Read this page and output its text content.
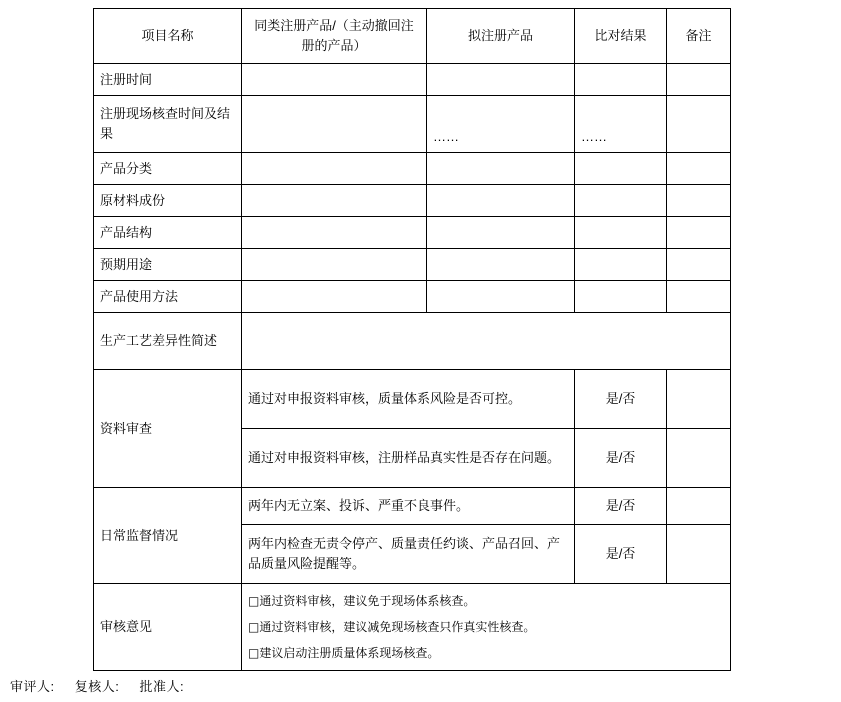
项目名称	同类注册产品/（主动撤回注册的产品）	拟注册产品	比对结果	备注
注册时间				
注册现场核查时间及结果		……	……	
产品分类				
原材料成份				
产品结构				
预期用途				
产品使用方法				
生产工艺差异性简述				
资料审查	通过对申报资料审核，质量体系风险是否可控。		是/否	
	通过对申报资料审核，注册样品真实性是否存在问题。		是/否	
日常监督情况	两年内无立案、投诉、严重不良事件。		是/否	
	两年内检查无责令停产、质量责任约谈、产品召回、产品质量风险提醒等。		是/否	
审核意见	□通过资料审核，建议免于现场体系核查。
□通过资料审核，建议减免现场核查只作真实性核查。
□建议启动注册质量体系现场核查。			
审评人: 复核人: 批准人:
